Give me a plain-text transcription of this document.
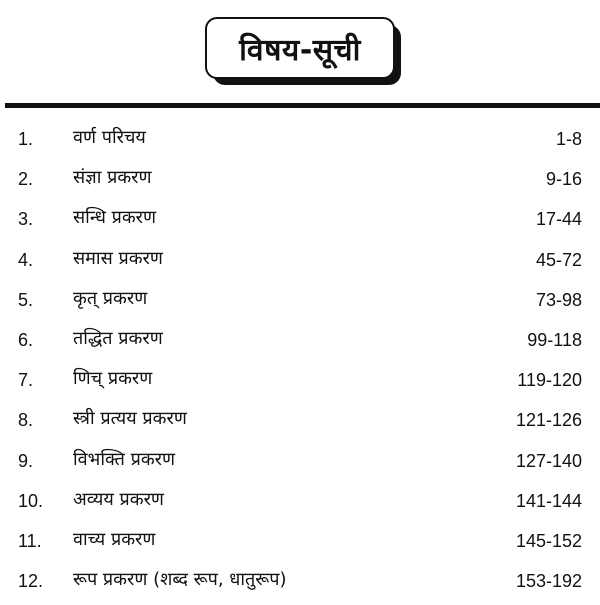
विषय-सूची
1. वर्ण परिचय	1-8
2. संज्ञा प्रकरण	9-16
3. सन्धि प्रकरण	17-44
4. समास प्रकरण	45-72
5. कृत् प्रकरण	73-98
6. तद्धित प्रकरण	99-118
7. णिच् प्रकरण	119-120
8. स्त्री प्रत्यय प्रकरण	121-126
9. विभक्ति प्रकरण	127-140
10. अव्यय प्रकरण	141-144
11. वाच्य प्रकरण	145-152
12. रूप प्रकरण (शब्द रूप, धातुरूप)	153-192
